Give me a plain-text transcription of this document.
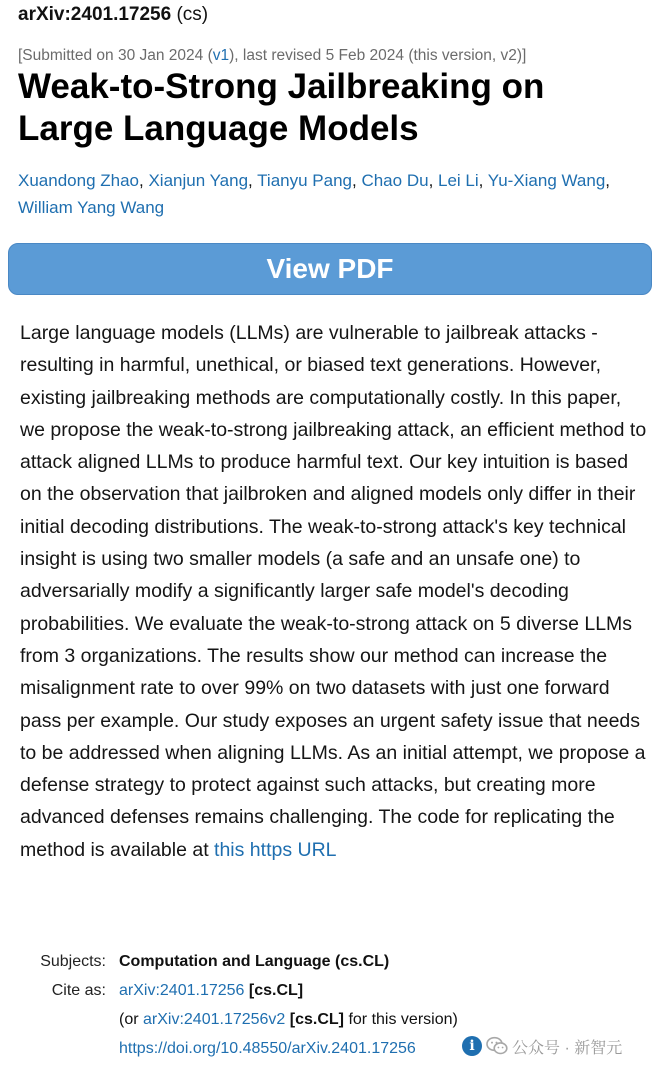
arXiv:2401.17256 (cs)
[Submitted on 30 Jan 2024 (v1), last revised 5 Feb 2024 (this version, v2)]
Weak-to-Strong Jailbreaking on Large Language Models
Xuandong Zhao, Xianjun Yang, Tianyu Pang, Chao Du, Lei Li, Yu-Xiang Wang, William Yang Wang
View PDF

Large language models (LLMs) are vulnerable to jailbreak attacks - resulting in harmful, unethical, or biased text generations. However, existing jailbreaking methods are computationally costly. In this paper, we propose the weak-to-strong jailbreaking attack, an efficient method to attack aligned LLMs to produce harmful text. Our key intuition is based on the observation that jailbroken and aligned models only differ in their initial decoding distributions. The weak-to-strong attack's key technical insight is using two smaller models (a safe and an unsafe one) to adversarially modify a significantly larger safe model's decoding probabilities. We evaluate the weak-to-strong attack on 5 diverse LLMs from 3 organizations. The results show our method can increase the misalignment rate to over 99% on two datasets with just one forward pass per example. Our study exposes an urgent safety issue that needs to be addressed when aligning LLMs. As an initial attempt, we propose a defense strategy to protect against such attacks, but creating more advanced defenses remains challenging. The code for replicating the method is available at this https URL

Subjects: Computation and Language (cs.CL)
Cite as: arXiv:2401.17256 [cs.CL]
(or arXiv:2401.17256v2 [cs.CL] for this version)
https://doi.org/10.48550/arXiv.2401.17256	i	公众号 · 新智元
